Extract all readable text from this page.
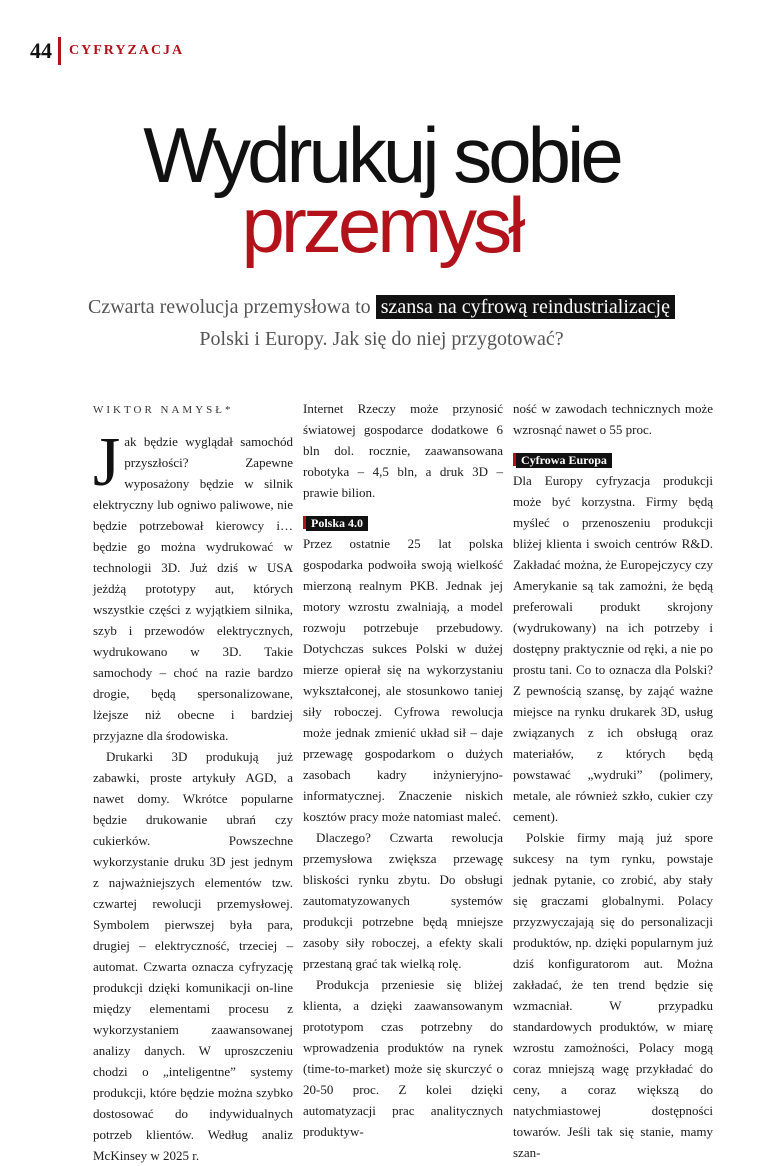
44 CYFRYZACJA
Wydrukuj sobie
przemysł
Czwarta rewolucja przemysłowa to szansa na cyfrową reindustrializację
Polski i Europy. Jak się do niej przygotować?
WIKTOR NAMYSŁ*

Jak będzie wyglądał samochód przyszłości? Zapewne wyposażony będzie w silnik elektryczny lub ogniwo paliwowe, nie będzie potrzebował kierowcy i… będzie go można wydrukować w technologii 3D. Już dziś w USA jeżdżą prototypy aut, których wszystkie części z wyjątkiem silnika, szyb i przewodów elektrycznych, wydrukowano w 3D. Takie samochody – choć na razie bardzo drogie, będą spersonalizowane, lżejsze niż obecne i bardziej przyjazne dla środowiska.

Drukarki 3D produkują już zabawki, proste artykuły AGD, a nawet domy. Wkrótce popularne będzie drukowanie ubrań czy cukierków. Powszechne wykorzystanie druku 3D jest jednym z najważniejszych elementów tzw. czwartej rewolucji przemysłowej. Symbolem pierwszej była para, drugiej – elektryczność, trzeciej – automat. Czwarta oznacza cyfryzację produkcji dzięki komunikacji on-line między elementami procesu z wykorzystaniem zaawansowanej analizy danych. W uproszczeniu chodzi o „inteligentne” systemy produkcji, które będzie można szybko dostosować do indywidualnych potrzeb klientów. Według analiz McKinsey w 2025 r.

Internet Rzeczy może przynosić światowej gospodarce dodatkowe 6 bln dol. rocznie, zaawansowana robotyka – 4,5 bln, a druk 3D – prawie bilion.

Polska 4.0

Przez ostatnie 25 lat polska gospodarka podwoiła swoją wielkość mierzoną realnym PKB. Jednak jej motory wzrostu zwalniają, a model rozwoju potrzebuje przebudowy. Dotychczas sukces Polski w dużej mierze opierał się na wykorzystaniu wykształconej, ale stosunkowo taniej siły roboczej. Cyfrowa rewolucja może jednak zmienić układ sił – daje przewagę gospodarkom o dużych zasobach kadry inżynieryjno-informatycznej. Znaczenie niskich kosztów pracy może natomiast maleć.

Dlaczego? Czwarta rewolucja przemysłowa zwiększa przewagę bliskości rynku zbytu. Do obsługi zautomatyzowanych systemów produkcji potrzebne będą mniejsze zasoby siły roboczej, a efekty skali przestaną grać tak wielką rolę.

Produkcja przeniesie się bliżej klienta, a dzięki zaawansowanym prototypom czas potrzebny do wprowadzenia produktów na rynek (time-to-market) może się skurczyć o 20-50 proc. Z kolei dzięki automatyzacji prac analitycznych produktyw-

ność w zawodach technicznych może wzrosnąć nawet o 55 proc.

Cyfrowa Europa

Dla Europy cyfryzacja produkcji może być korzystna. Firmy będą myśleć o przenoszeniu produkcji bliżej klienta i swoich centrów R&D. Zakładać można, że Europejczycy czy Amerykanie są tak zamożni, że będą preferowali produkt skrojony (wydrukowany) na ich potrzeby i dostępny praktycznie od ręki, a nie po prostu tani. Co to oznacza dla Polski? Z pewnością szansę, by zająć ważne miejsce na rynku drukarek 3D, usług związanych z ich obsługą oraz materiałów, z których będą powstawać „wydruki” (polimery, metale, ale również szkło, cukier czy cement).

Polskie firmy mają już spore sukcesy na tym rynku, powstaje jednak pytanie, co zrobić, aby stały się graczami globalnymi. Polacy przyzwyczajają się do personalizacji produktów, np. dzięki popularnym już dziś konfiguratorom aut. Można zakładać, że ten trend będzie się wzmacniał. W przypadku standardowych produktów, w miarę wzrostu zamożności, Polacy mogą coraz mniejszą wagę przykładać do ceny, a coraz większą do natychmiastowej dostępności towarów. Jeśli tak się stanie, mamy szan-
